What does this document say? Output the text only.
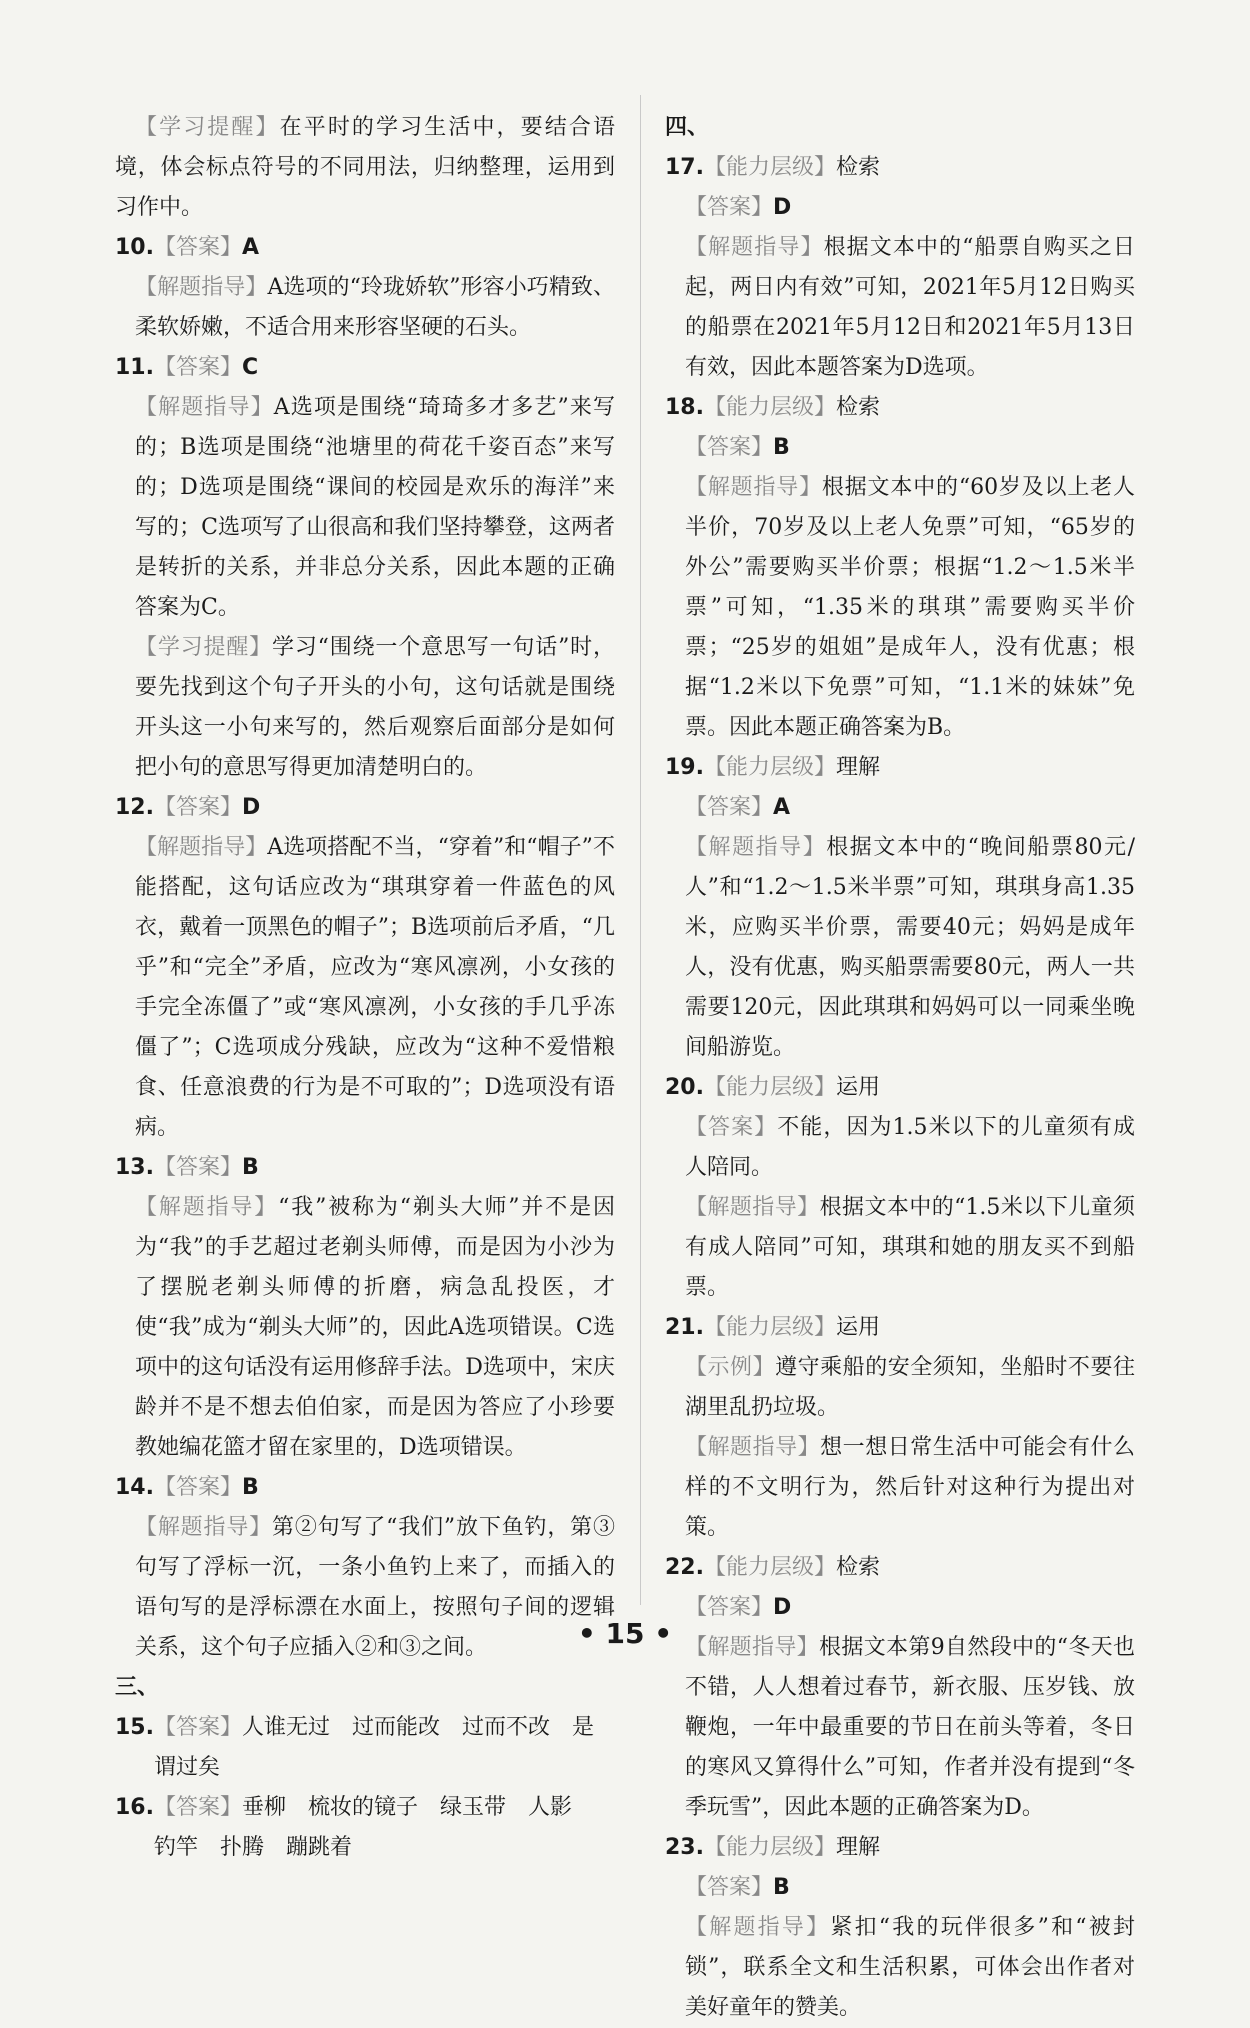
【学习提醒】在平时的学习生活中，要结合语境，体会标点符号的不同用法，归纳整理，运用到习作中。
10. 【答案】A
【解题指导】A选项的“玲珑娇软”形容小巧精致、柔软娇嫩，不适合用来形容坚硬的石头。
11. 【答案】C
【解题指导】A选项是围绕“琦琦多才多艺”来写的；B选项是围绕“池塘里的荷花千姿百态”来写的；D选项是围绕“课间的校园是欢乐的海洋”来写的；C选项写了山很高和我们坚持攀登，这两者是转折的关系，并非总分关系，因此本题的正确答案为C。
【学习提醒】学习“围绕一个意思写一句话”时，要先找到这个句子开头的小句，这句话就是围绕开头这一小句来写的，然后观察后面部分是如何把小句的意思写得更加清楚明白的。
12. 【答案】D
【解题指导】A选项搭配不当，“穿着”和“帽子”不能搭配，这句话应改为“琪琪穿着一件蓝色的风衣，戴着一顶黑色的帽子”；B选项前后矛盾，“几乎”和“完全”矛盾，应改为“寒风凛冽，小女孩的手完全冻僵了”或“寒风凛冽，小女孩的手几乎冻僵了”；C选项成分残缺，应改为“这种不爱惜粮食、任意浪费的行为是不可取的”；D选项没有语病。
13. 【答案】B
【解题指导】“我”被称为“剃头大师”并不是因为“我”的手艺超过老剃头师傅，而是因为小沙为了摆脱老剃头师傅的折磨，病急乱投医，才使“我”成为“剃头大师”的，因此A选项错误。C选项中的这句话没有运用修辞手法。D选项中，宋庆龄并不是不想去伯伯家，而是因为答应了小珍要教她编花篮才留在家里的，D选项错误。
14. 【答案】B
【解题指导】第②句写了“我们”放下鱼钓，第③句写了浮标一沉，一条小鱼钓上来了，而插入的语句写的是浮标漂在水面上，按照句子间的逻辑关系，这个句子应插入②和③之间。
三、
15. 【答案】人谁无过　过而能改　过而不改　是谓过矣
16. 【答案】垂柳　梳妆的镜子　绿玉带　人影　钓竿　扑腾　蹦跳着
四、
17. 【能力层级】检索
【答案】D
【解题指导】根据文本中的“船票自购买之日起，两日内有效”可知，2021年5月12日购买的船票在2021年5月12日和2021年5月13日有效，因此本题答案为D选项。
18. 【能力层级】检索
【答案】B
【解题指导】根据文本中的“60岁及以上老人半价，70岁及以上老人免票”可知，“65岁的外公”需要购买半价票；根据“1.2～1.5米半票”可知，“1.35米的琪琪”需要购买半价票；“25岁的姐姐”是成年人，没有优惠；根据“1.2米以下免票”可知，“1.1米的妹妹”免票。因此本题正确答案为B。
19. 【能力层级】理解
【答案】A
【解题指导】根据文本中的“晚间船票80元/人”和“1.2～1.5米半票”可知，琪琪身高1.35米，应购买半价票，需要40元；妈妈是成年人，没有优惠，购买船票需要80元，两人一共需要120元，因此琪琪和妈妈可以一同乘坐晚间船游览。
20. 【能力层级】运用
【答案】不能，因为1.5米以下的儿童须有成人陪同。
【解题指导】根据文本中的“1.5米以下儿童须有成人陪同”可知，琪琪和她的朋友买不到船票。
21. 【能力层级】运用
【示例】遵守乘船的安全须知，坐船时不要往湖里乱扔垃圾。
【解题指导】想一想日常生活中可能会有什么样的不文明行为，然后针对这种行为提出对策。
22. 【能力层级】检索
【答案】D
【解题指导】根据文本第9自然段中的“冬天也不错，人人想着过春节，新衣服、压岁钱、放鞭炮，一年中最重要的节日在前头等着，冬日的寒风又算得什么”可知，作者并没有提到“冬季玩雪”，因此本题的正确答案为D。
23. 【能力层级】理解
【答案】B
【解题指导】紧扣“我的玩伴很多”和“被封锁”，联系全文和生活积累，可体会出作者对美好童年的赞美。
• 15 •
